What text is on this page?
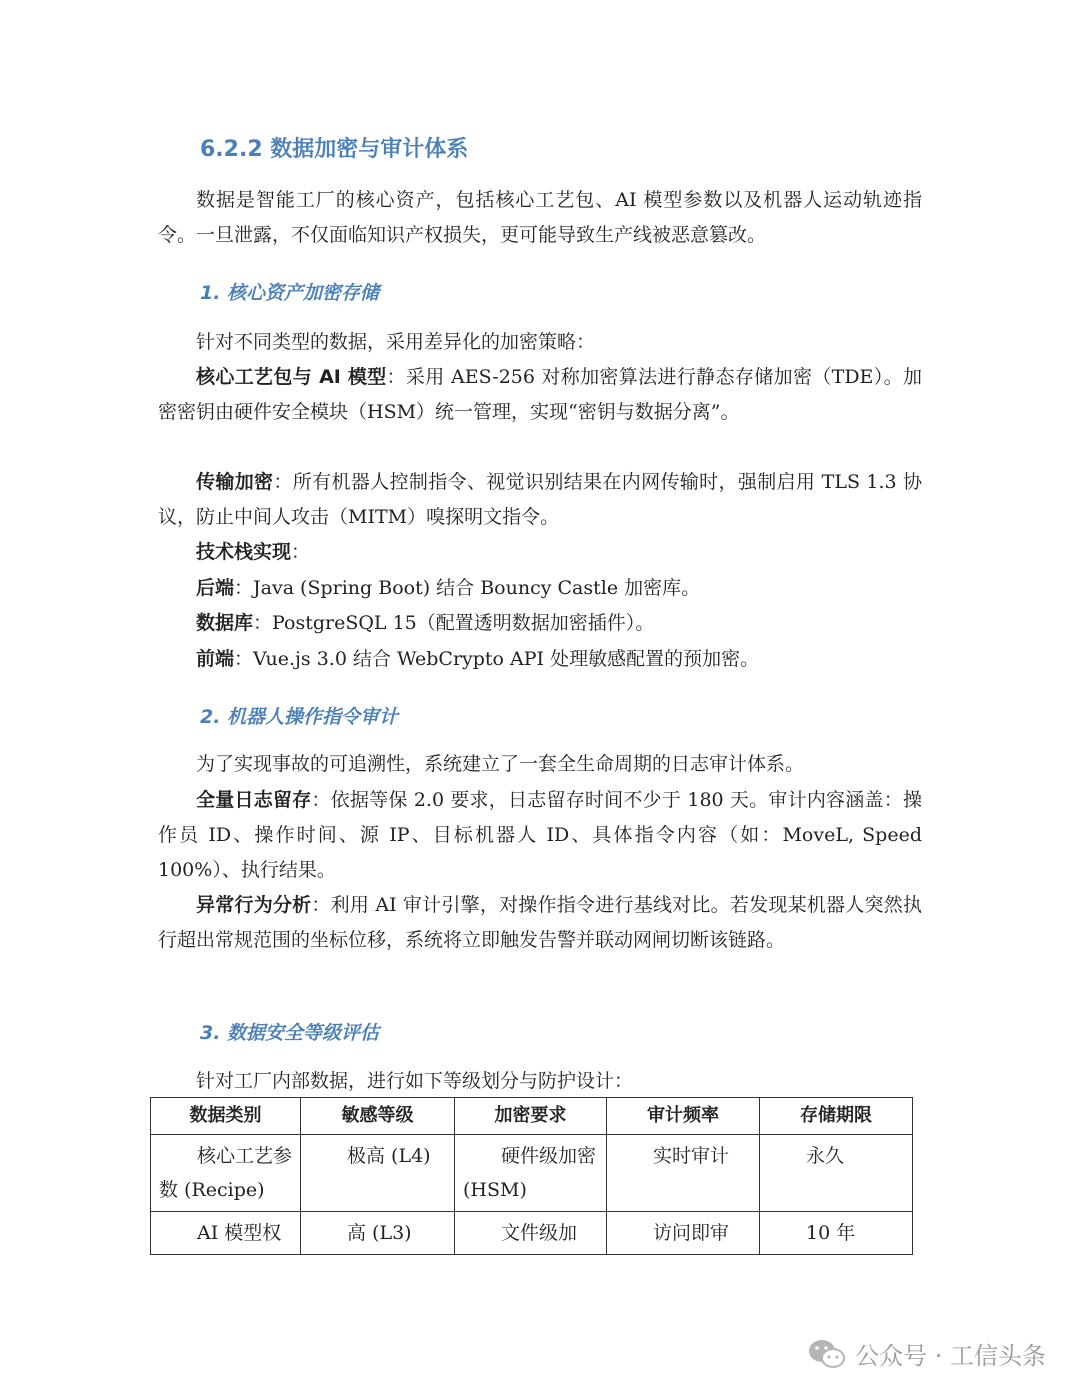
6.2.2 数据加密与审计体系

数据是智能工厂的核心资产，包括核心工艺包、AI 模型参数以及机器人运动轨迹指令。一旦泄露，不仅面临知识产权损失，更可能导致生产线被恶意篡改。

1. 核心资产加密存储

针对不同类型的数据，采用差异化的加密策略：

核心工艺包与 AI 模型：采用 AES-256 对称加密算法进行静态存储加密（TDE）。加密密钥由硬件安全模块（HSM）统一管理，实现“密钥与数据分离”。

传输加密：所有机器人控制指令、视觉识别结果在内网传输时，强制启用 TLS 1.3 协议，防止中间人攻击（MITM）嗅探明文指令。

技术栈实现：

后端：Java (Spring Boot) 结合 Bouncy Castle 加密库。

数据库：PostgreSQL 15（配置透明数据加密插件）。

前端：Vue.js 3.0 结合 WebCrypto API 处理敏感配置的预加密。

2. 机器人操作指令审计

为了实现事故的可追溯性，系统建立了一套全生命周期的日志审计体系。

全量日志留存：依据等保 2.0 要求，日志留存时间不少于 180 天。审计内容涵盖：操作员 ID、操作时间、源 IP、目标机器人 ID、具体指令内容（如：MoveL, Speed 100%）、执行结果。

异常行为分析：利用 AI 审计引擎，对操作指令进行基线对比。若发现某机器人突然执行超出常规范围的坐标位移，系统将立即触发告警并联动网闸切断该链路。

3. 数据安全等级评估

针对工厂内部数据，进行如下等级划分与防护设计：

数据类别	敏感等级	加密要求	审计频率	存储期限
核心工艺参数 (Recipe)	极高 (L4)	硬件级加密 (HSM)	实时审计	永久
AI 模型权	高 (L3)	文件级加	访问即审	10 年
公众号 · 工信头条
